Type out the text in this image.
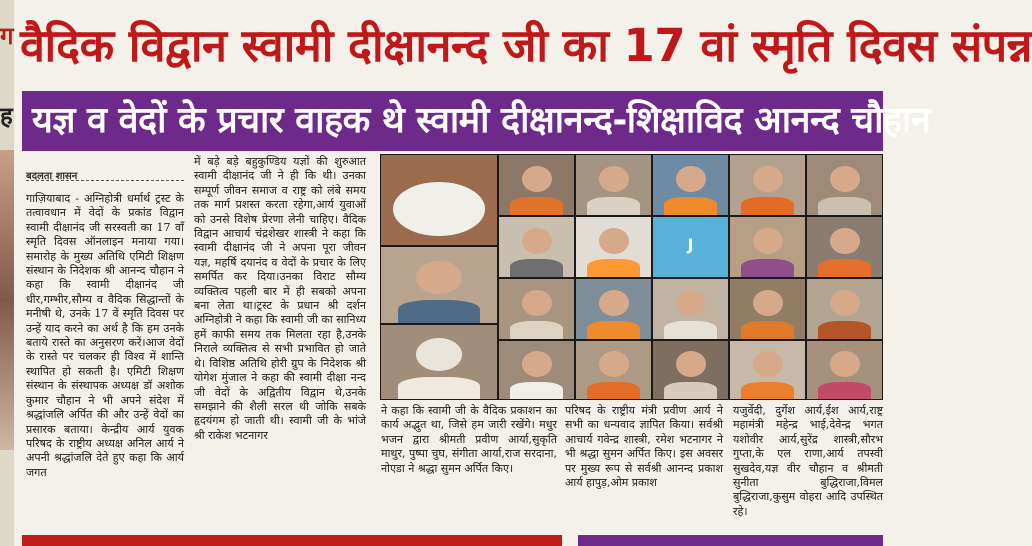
ग
ह
वैदिक विद्वान स्वामी दीक्षानन्द जी का 17 वां स्मृति दिवस संपन्न
यज्ञ व वेदों के प्रचार वाहक थे स्वामी दीक्षानन्द-शिक्षाविद आनन्द चौहान
बदलता शासन
गाज़ियाबाद - अग्निहोत्री धर्मार्थ ट्रस्ट के तत्वावधान में वेदों के प्रकांड विद्वान स्वामी दीक्षानंद जी सरस्वती का 17 वाँ स्मृति दिवस ऑनलाइन मनाया गया। समारोह के मुख्य अतिथि एमिटी शिक्षण संस्थान के निदेशक श्री आनन्द चौहान ने कहा कि स्वामी दीक्षानंद जी धीर,गम्भीर,सौम्य व वैदिक सिद्धान्तों के मनीषी थे, उनके 17 वें स्मृति दिवस पर उन्हें याद करने का अर्थ है कि हम उनके बताये रास्ते का अनुसरण करें।आज वेदों के रास्ते पर चलकर ही विश्व में शान्ति स्थापित हो सकती है। एमिटी शिक्षण संस्थान के संस्थापक अध्यक्ष डॉ अशोक कुमार चौहान ने भी अपने संदेश में श्रद्धांजलि अर्पित की और उन्हें वेदों का प्रसारक बताया। केन्द्रीय आर्य युवक परिषद के राष्ट्रीय अध्यक्ष अनिल आर्य ने अपनी श्रद्धांजलि देते हुए कहा कि आर्य जगत
में बड़े बड़े बहुकुण्डिय यज्ञों की शुरुआत स्वामी दीक्षानंद जी ने ही कि थी। उनका सम्पूर्ण जीवन समाज व राष्ट्र को लंबे समय तक मार्ग प्रशस्त करता रहेगा,आर्य युवाओं को उनसे विशेष प्रेरणा लेनी चाहिए। वैदिक विद्वान आचार्य चंद्रशेखर शास्त्री ने कहा कि स्वामी दीक्षानंद जी ने अपना पूरा जीवन यज्ञ, महर्षि दयानंद व वेदों के प्रचार के लिए समर्पित कर दिया।उनका विराट सौम्य व्यक्तित्व पहली बार में ही सबको अपना बना लेता था।ट्रस्ट के प्रधान श्री दर्शन अग्निहोत्री ने कहा कि स्वामी जी का सानिध्य हमें काफी समय तक मिलता रहा है,उनके निराले व्यक्तित्व से सभी प्रभावित हो जाते थे। विशिष्ठ अतिथि होरी ग्रुप के निदेशक श्री योगेश मुंजाल ने कहा की स्वामी दीक्षा नन्द जी वेदों के अद्वितीय विद्वान थे,उनके समझाने की शैली सरल थी जोकि सबके हृदयंगम हो जाती थी। स्वामी जी के भांजे श्री राकेश भटनागर
J
ने कहा कि स्वामी जी के वैदिक प्रकाशन का कार्य अद्भुत था, जिसे हम जारी रखेंगे। मधुर भजन द्वारा श्रीमती प्रवीण आर्या,सुकृति माथुर, पुष्पा चुघ, संगीता आर्या,राज सरदाना, नोएडा ने श्रद्धा सुमन अर्पित किए।
परिषद के राष्ट्रीय मंत्री प्रवीण आर्य ने सभी का धन्यवाद ज्ञापित किया। सर्वश्री आचार्य गवेन्द्र शास्त्री, रमेश भटनागर ने भी श्रद्धा सुमन अर्पित किए। इस अवसर पर मुख्य रूप से सर्वश्री आनन्द प्रकाश आर्य हापुड़,ओम प्रकाश
यजुर्वेदी, दुर्गेश आर्य,ईश आर्य,राष्ट्र महामंत्री महेन्द्र भाई,देवेन्द्र भगत यशोवीर आर्य,सुरेंद्र शास्त्री,सौरभ गुप्ता,के एल राणा,आर्य तपस्वी सुखदेव,यज्ञ वीर चौहान व श्रीमती सुनीता बुद्धिराजा,विमल बुद्धिराजा,कुसुम वोहरा आदि उपस्थित रहे।
